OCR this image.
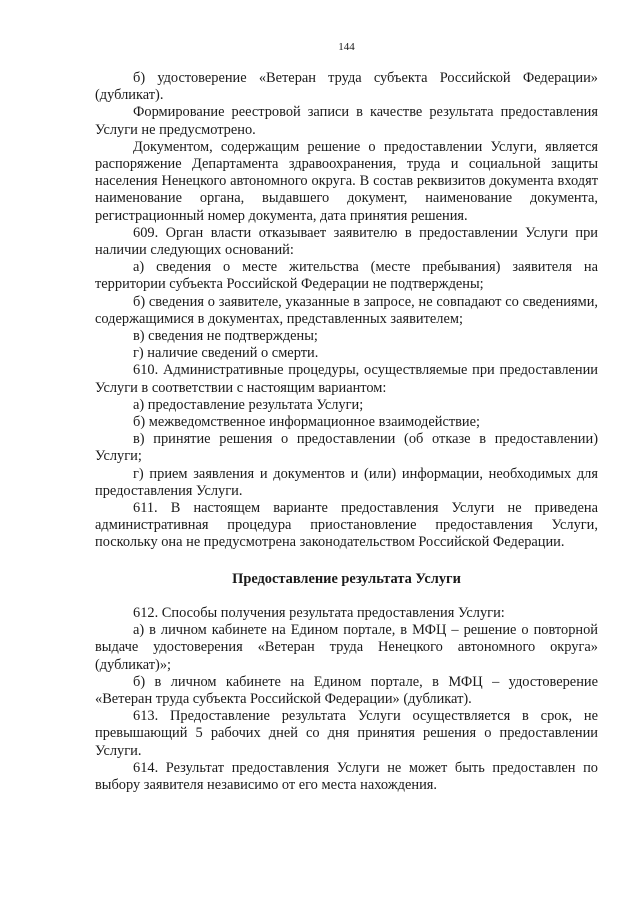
144

б) удостоверение «Ветеран труда субъекта Российской Федерации» (дубликат).

Формирование реестровой записи в качестве результата предоставления Услуги не предусмотрено.

Документом, содержащим решение о предоставлении Услуги, является распоряжение Департамента здравоохранения, труда и социальной защиты населения Ненецкого автономного округа. В состав реквизитов документа входят наименование органа, выдавшего документ, наименование документа, регистрационный номер документа, дата принятия решения.

609. Орган власти отказывает заявителю в предоставлении Услуги при наличии следующих оснований:

а) сведения о месте жительства (месте пребывания) заявителя на территории субъекта Российской Федерации не подтверждены;

б) сведения о заявителе, указанные в запросе, не совпадают со сведениями, содержащимися в документах, представленных заявителем;

в) сведения не подтверждены;

г) наличие сведений о смерти.

610. Административные процедуры, осуществляемые при предоставлении Услуги в соответствии с настоящим вариантом:

а) предоставление результата Услуги;

б) межведомственное информационное взаимодействие;

в) принятие решения о предоставлении (об отказе в предоставлении) Услуги;

г) прием заявления и документов и (или) информации, необходимых для предоставления Услуги.

611. В настоящем варианте предоставления Услуги не приведена административная процедура приостановление предоставления Услуги, поскольку она не предусмотрена законодательством Российской Федерации.

Предоставление результата Услуги

612. Способы получения результата предоставления Услуги:

а) в личном кабинете на Едином портале, в МФЦ – решение о повторной выдаче удостоверения «Ветеран труда Ненецкого автономного округа» (дубликат)»;

б) в личном кабинете на Едином портале, в МФЦ – удостоверение «Ветеран труда субъекта Российской Федерации» (дубликат).

613. Предоставление результата Услуги осуществляется в срок, не превышающий 5 рабочих дней со дня принятия решения о предоставлении Услуги.

614. Результат предоставления Услуги не может быть предоставлен по выбору заявителя независимо от его места нахождения.
